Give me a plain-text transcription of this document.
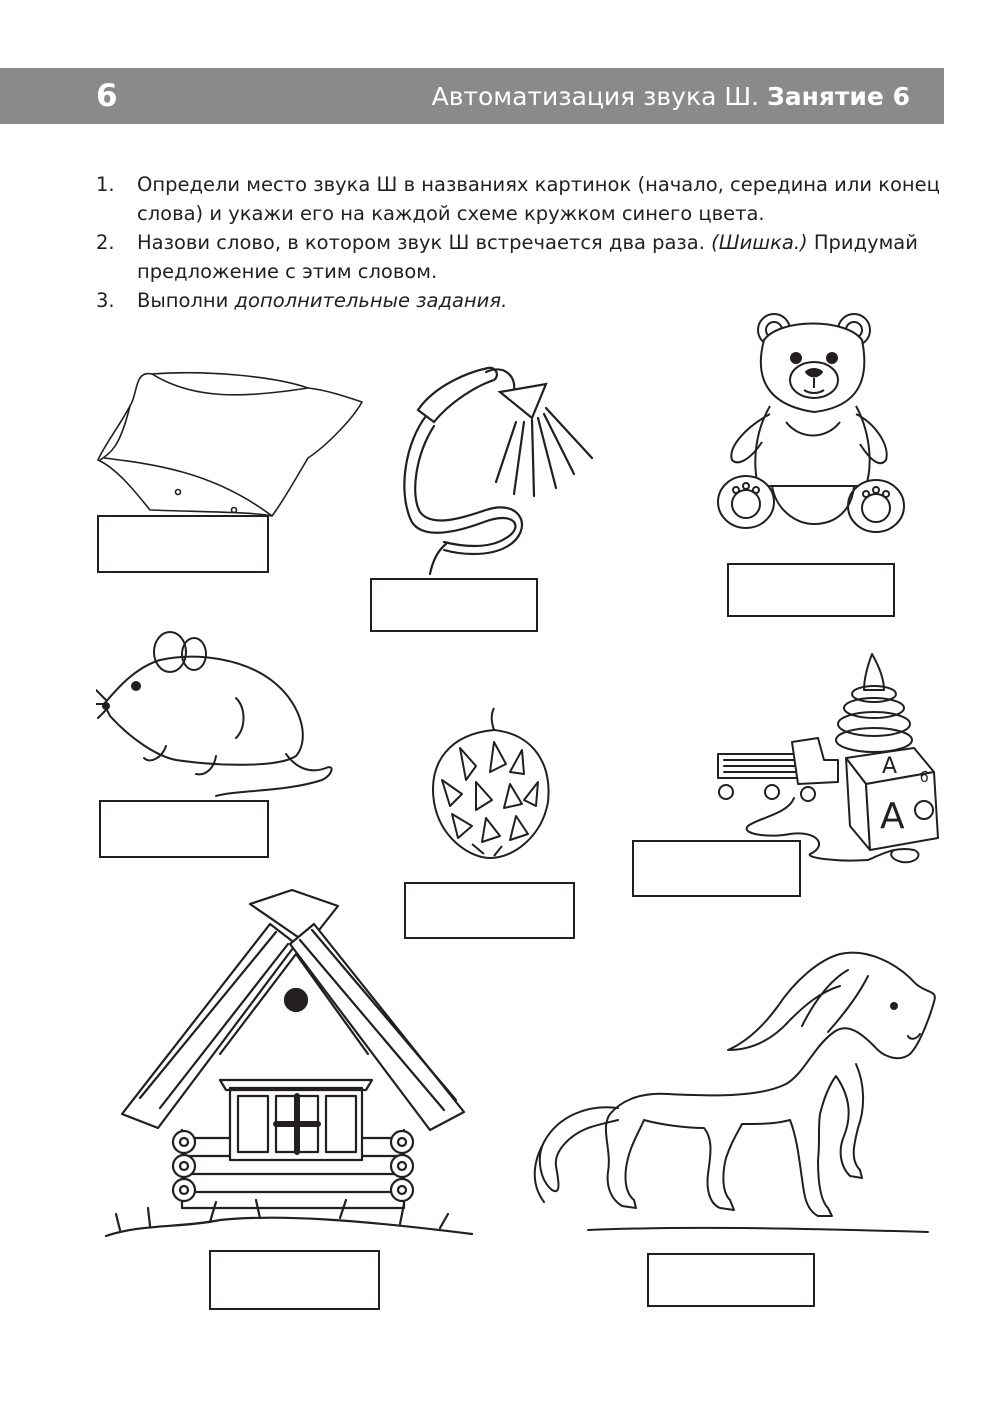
6	Автоматизация звука Ш. Занятие 6
1. Определи место звука Ш в названиях картинок (начало, середина или конец слова) и укажи его на каждой схеме кружком синего цвета.
2. Назови слово, в котором звук Ш встречается два раза. (Шишка.) Придумай предложение с этим словом.
3. Выполни дополнительные задания.
А
А
б
